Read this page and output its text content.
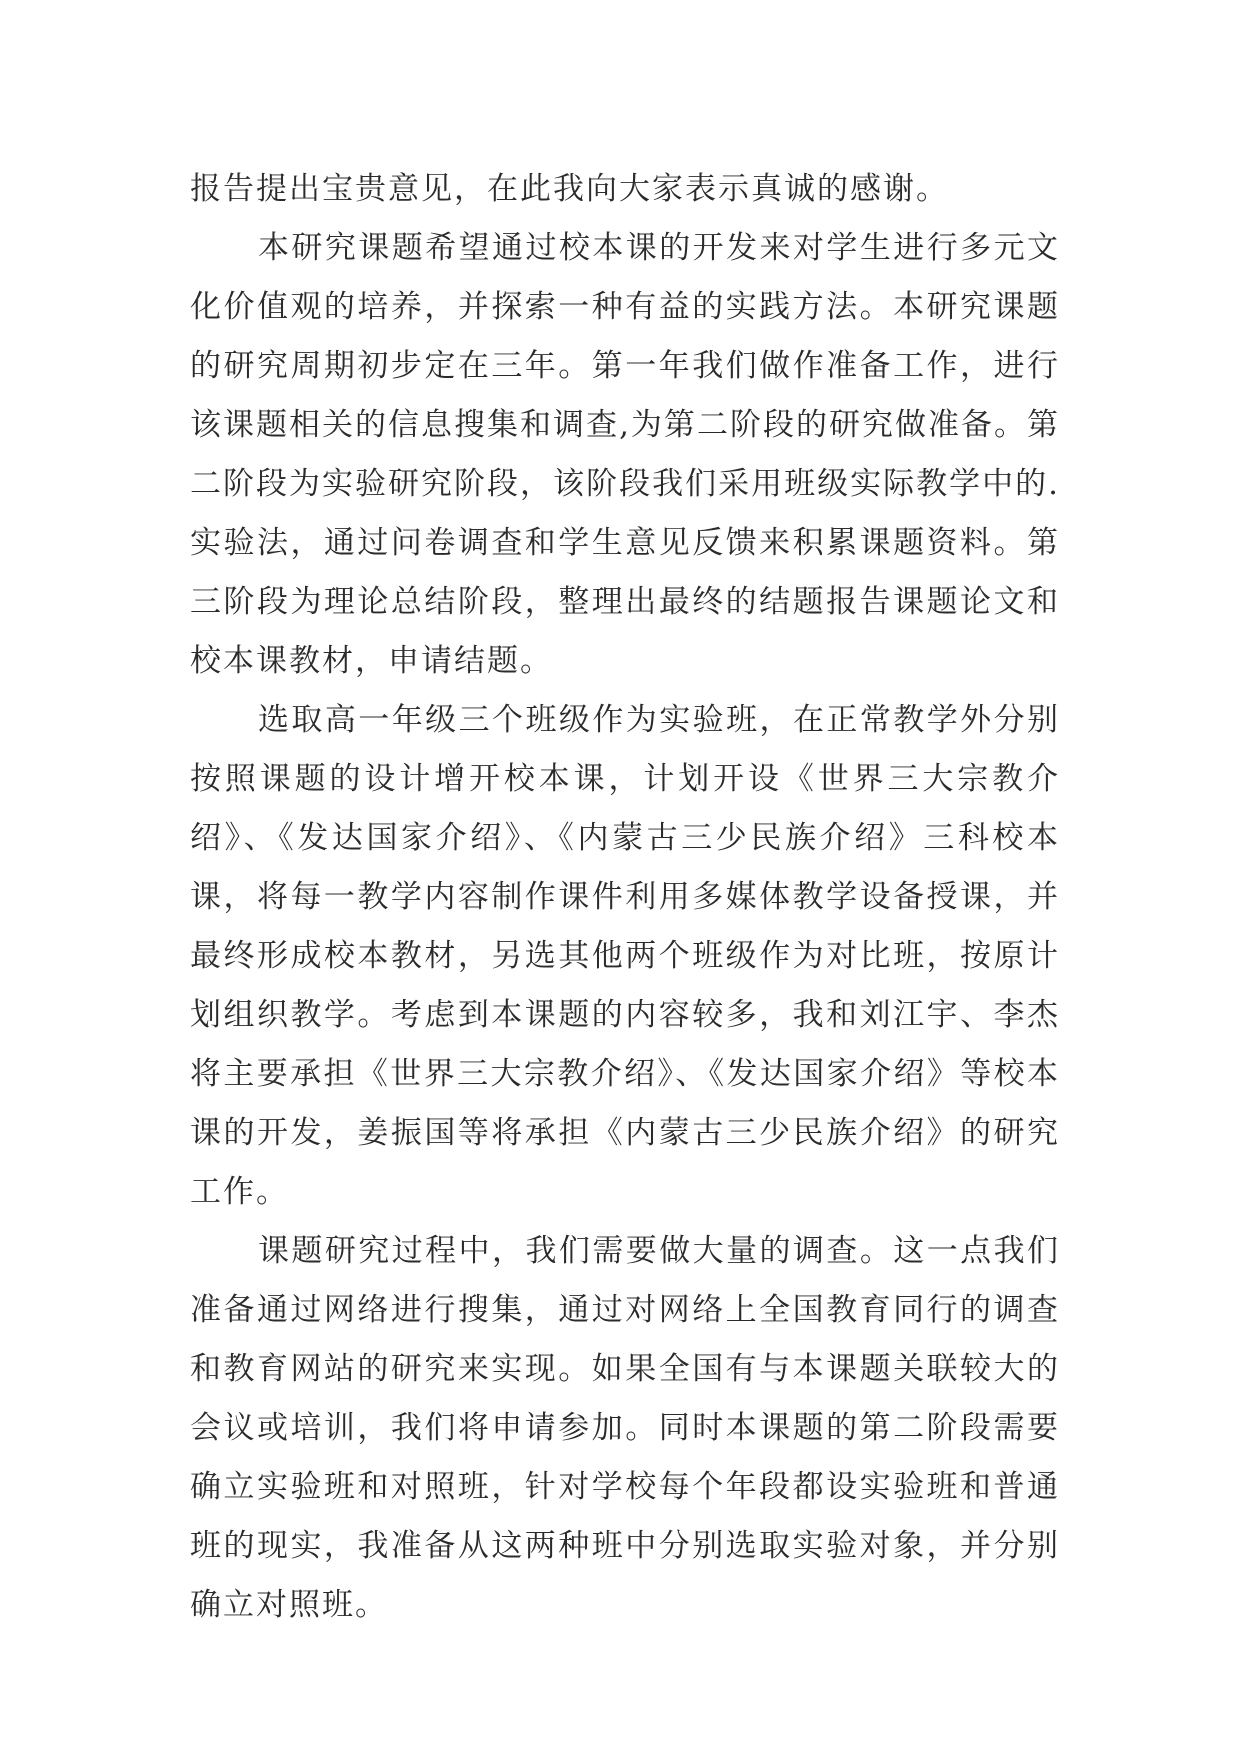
报告提出宝贵意见，在此我向大家表示真诚的感谢。

本研究课题希望通过校本课的开发来对学生进行多元文化价值观的培养，并探索一种有益的实践方法。本研究课题的研究周期初步定在三年。第一年我们做作准备工作，进行该课题相关的信息搜集和调查,为第二阶段的研究做准备。第二阶段为实验研究阶段，该阶段我们采用班级实际教学中的.实验法，通过问卷调查和学生意见反馈来积累课题资料。第三阶段为理论总结阶段，整理出最终的结题报告课题论文和校本课教材，申请结题。

选取高一年级三个班级作为实验班，在正常教学外分别按照课题的设计增开校本课，计划开设《世界三大宗教介绍》、《发达国家介绍》、《内蒙古三少民族介绍》三科校本课，将每一教学内容制作课件利用多媒体教学设备授课，并最终形成校本教材，另选其他两个班级作为对比班，按原计划组织教学。考虑到本课题的内容较多，我和刘江宇、李杰将主要承担《世界三大宗教介绍》、《发达国家介绍》等校本课的开发，姜振国等将承担《内蒙古三少民族介绍》的研究工作。

课题研究过程中，我们需要做大量的调查。这一点我们准备通过网络进行搜集，通过对网络上全国教育同行的调查和教育网站的研究来实现。如果全国有与本课题关联较大的会议或培训，我们将申请参加。同时本课题的第二阶段需要确立实验班和对照班，针对学校每个年段都设实验班和普通班的现实，我准备从这两种班中分别选取实验对象，并分别确立对照班。
